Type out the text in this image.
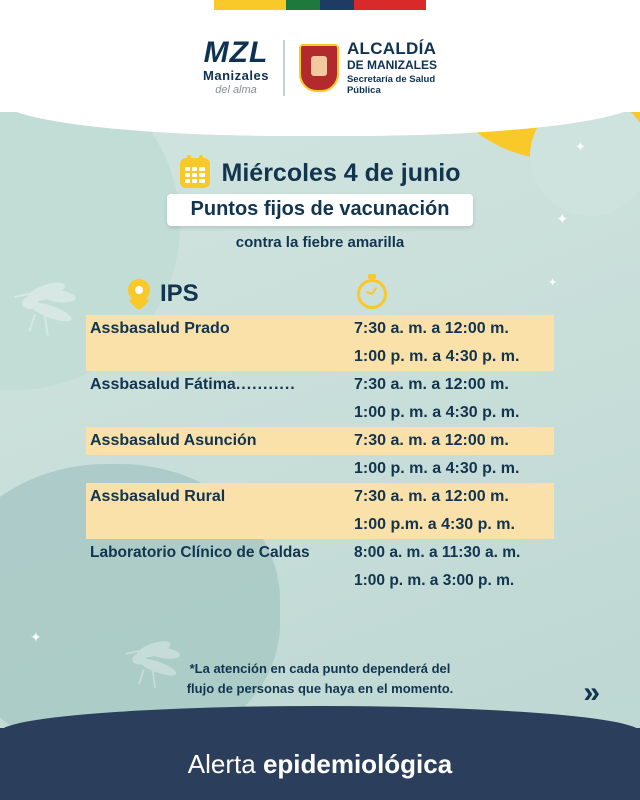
✦
✦
✦
✦
MZL
Manizales
del alma
ALCALDÍA
DE MANIZALES
Secretaría de Salud
Pública
Miércoles 4 de junio
Puntos fijos de vacunación
contra la fiebre amarilla
IPS
Assbasalud Prado	7:30 a. m. a 12:00 m.
1:00 p. m. a 4:30 p. m.
Assbasalud Fátima...........	7:30 a. m. a 12:00 m.
1:00 p. m. a 4:30 p. m.
Assbasalud Asunción	7:30 a. m. a 12:00 m.
1:00 p. m. a 4:30 p. m.
Assbasalud Rural	7:30 a. m. a 12:00 m.
1:00 p.m. a 4:30 p. m.
Laboratorio Clínico de Caldas	8:00 a. m. a 11:30 a. m.
1:00 p. m. a 3:00 p. m.
*La atención en cada punto dependerá del
flujo de personas que haya en el momento.	»
Alerta epidemiológica
